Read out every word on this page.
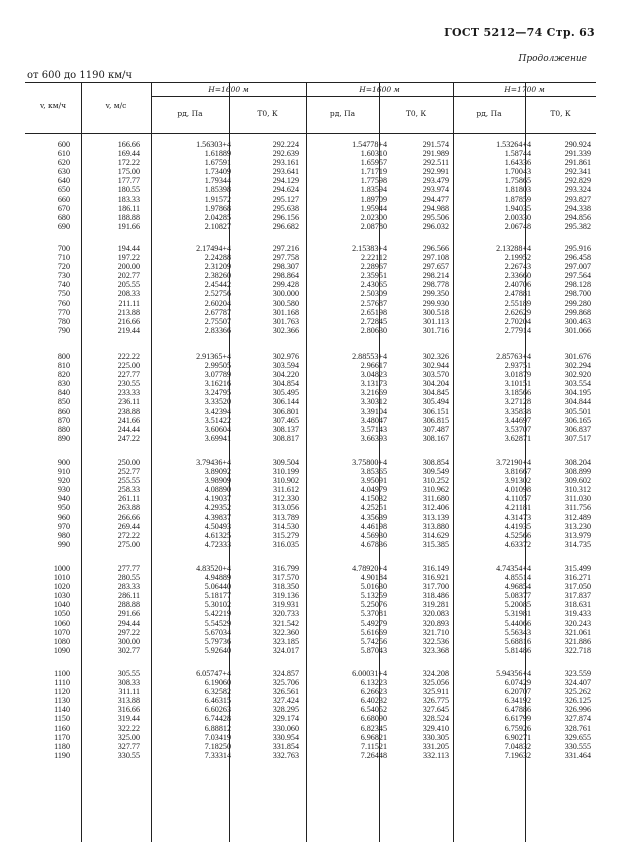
ГОСТ 5212—74 Стр. 63
Продолжение
от 600 до 1190 км/ч
v, км/ч	v, м/с
H=1600 м	H=1600 м	H=1700 м
pд, Па	T0, К	pд, Па	T0, К	pд, Па	T0, К
600	166.66	1.56303+4	292.224	1.54778+4	291.574	1.53264+4	290.924
610	169.44	1.61889	292.639	1.60310	291.989	1.58744	291.339
620	172.22	1.67591	293.161	1.65957	292.511	1.64336	291.861
630	175.00	1.73409	293.641	1.71719	292.991	1.70043	292.341
640	177.77	1.79344	294.129	1.77598	293.479	1.75865	292.829
650	180.55	1.85398	294.624	1.83594	293.974	1.81803	293.324
660	183.33	1.91572	295.127	1.89709	294.477	1.87859	293.827
670	186.11	1.97868	295.638	1.95944	294.988	1.94035	294.338
680	188.88	2.04285	296.156	2.02300	295.506	2.00330	294.856
690	191.66	2.10827	296.682	2.08780	296.032	2.06748	295.382
700	194.44	2.17494+4	297.216	2.15383+4	296.566	2.13288+4	295.916
710	197.22	2.24288	297.758	2.22112	297.108	2.19952	296.458
720	200.00	2.31209	298.307	2.28967	297.657	2.26743	297.007
730	202.77	2.38260	298.864	2.35951	298.214	2.33660	297.564
740	205.55	2.45442	299.428	2.43065	298.778	2.40706	298.128
750	208.33	2.52756	300.000	2.50309	299.350	2.47881	298.700
760	211.11	2.60204	300.580	2.57687	299.930	2.55189	299.280
770	213.88	2.67787	301.168	2.65198	300.518	2.62629	299.868
780	216.66	2.75507	301.763	2.72845	301.113	2.70204	300.463
790	219.44	2.83366	302.366	2.80630	301.716	2.77914	301.066
800	222.22	2.91365+4	302.976	2.88553+4	302.326	2.85763+4	301.676
810	225.00	2.99505	303.594	2.96617	302.944	2.93751	302.294
820	227.77	3.07789	304.220	3.04823	303.570	3.01879	302.920
830	230.55	3.16216	304.854	3.13173	304.204	3.10151	303.554
840	233.33	3.24795	305.495	3.21669	304.845	3.18566	304.195
850	236.11	3.33520	306.144	3.30312	305.494	3.27128	304.844
860	238.88	3.42394	306.801	3.39104	306.151	3.35838	305.501
870	241.66	3.51422	307.465	3.48047	306.815	3.44697	306.165
880	244.44	3.60604	308.137	3.57143	307.487	3.53707	306.837
890	247.22	3.69941	308.817	3.66393	308.167	3.62871	307.517
900	250.00	3.79436+4	309.504	3.75800+4	308.854	3.72190+4	308.204
910	252.77	3.89092	310.199	3.85365	309.549	3.81667	308.899
920	255.55	3.98909	310.902	3.95091	310.252	3.91302	309.602
930	258.33	4.08890	311.612	4.04979	310.962	4.01098	310.312
940	261.11	4.19037	312.330	4.15032	311.680	4.11057	311.030
950	263.88	4.29352	313.056	4.25251	312.406	4.21181	311.756
960	266.66	4.39837	313.789	4.35639	313.139	4.31473	312.489
970	269.44	4.50493	314.530	4.46198	313.880	4.41935	313.230
980	272.22	4.61325	315.279	4.56930	314.629	4.52566	313.979
990	275.00	4.72333	316.035	4.67836	315.385	4.63372	314.735
1000	277.77	4.83520+4	316.799	4.78920+4	316.149	4.74354+4	315.499
1010	280.55	4.94889	317.570	4.90184	316.921	4.85514	316.271
1020	283.33	5.06440	318.350	5.01630	317.700	4.96854	317.050
1030	286.11	5.18177	319.136	5.13259	318.486	5.08377	317.837
1040	288.88	5.30102	319.931	5.25076	319.281	5.20085	318.631
1050	291.66	5.42219	320.733	5.37081	320.083	5.31981	319.433
1060	294.44	5.54529	321.542	5.49279	320.893	5.44066	320.243
1070	297.22	5.67034	322.360	5.61669	321.710	5.56343	321.061
1080	300.00	5.79736	323.185	5.74256	322.536	5.68816	321.886
1090	302.77	5.92640	324.017	5.87043	323.368	5.81486	322.718
1100	305.55	6.05747+4	324.857	6.00031+4	324.208	5.94356+4	323.559
1110	308.33	6.19060	325.706	6.13223	325.056	6.07429	324.407
1120	311.11	6.32582	326.561	6.26623	325.911	6.20707	325.262
1130	313.88	6.46315	327.424	6.40232	326.775	6.34192	326.125
1140	316.66	6.60263	328.295	6.54052	327.645	6.47886	326.996
1150	319.44	6.74428	329.174	6.68090	328.524	6.61799	327.874
1160	322.22	6.88812	330.060	6.82345	329.410	6.75926	328.761
1170	325.00	7.03419	330.954	6.96821	330.305	6.90271	329.655
1180	327.77	7.18250	331.854	7.11521	331.205	7.04832	330.555
1190	330.55	7.33314	332.763	7.26448	332.113	7.19632	331.464
